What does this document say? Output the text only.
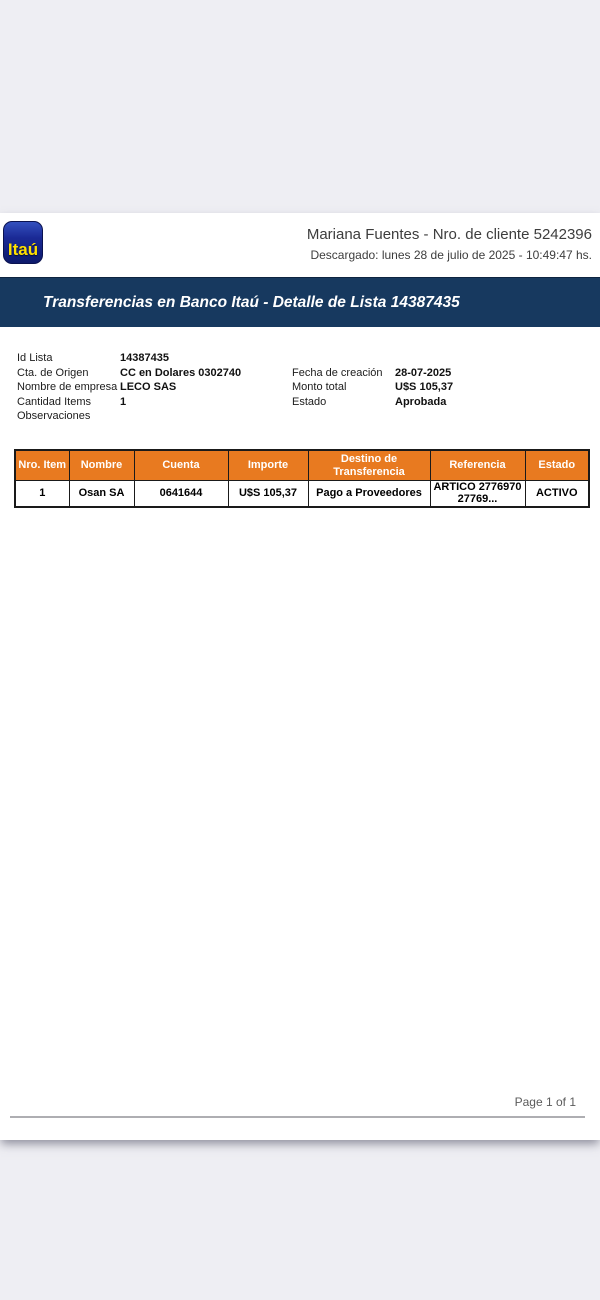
Itaú
Mariana Fuentes - Nro. de cliente 5242396
Descargado: lunes 28 de julio de 2025 - 10:49:47 hs.
Transferencias en Banco Itaú - Detalle de Lista 14387435
Id Lista	14387435
Cta. de Origen	CC en Dolares 0302740	Fecha de creación	28-07-2025
Nombre de empresa LECO SAS	Monto total	U$S 105,37
Cantidad Items	1	Estado	Aprobada
Observaciones
Nro. Item	Nombre	Cuenta	Importe	Destino de Transferencia	Referencia	Estado
1	Osan SA	0641644	U$S 105,37	Pago a Proveedores	ARTICO 2776970 27769...	ACTIVO
Page 1 of 1
